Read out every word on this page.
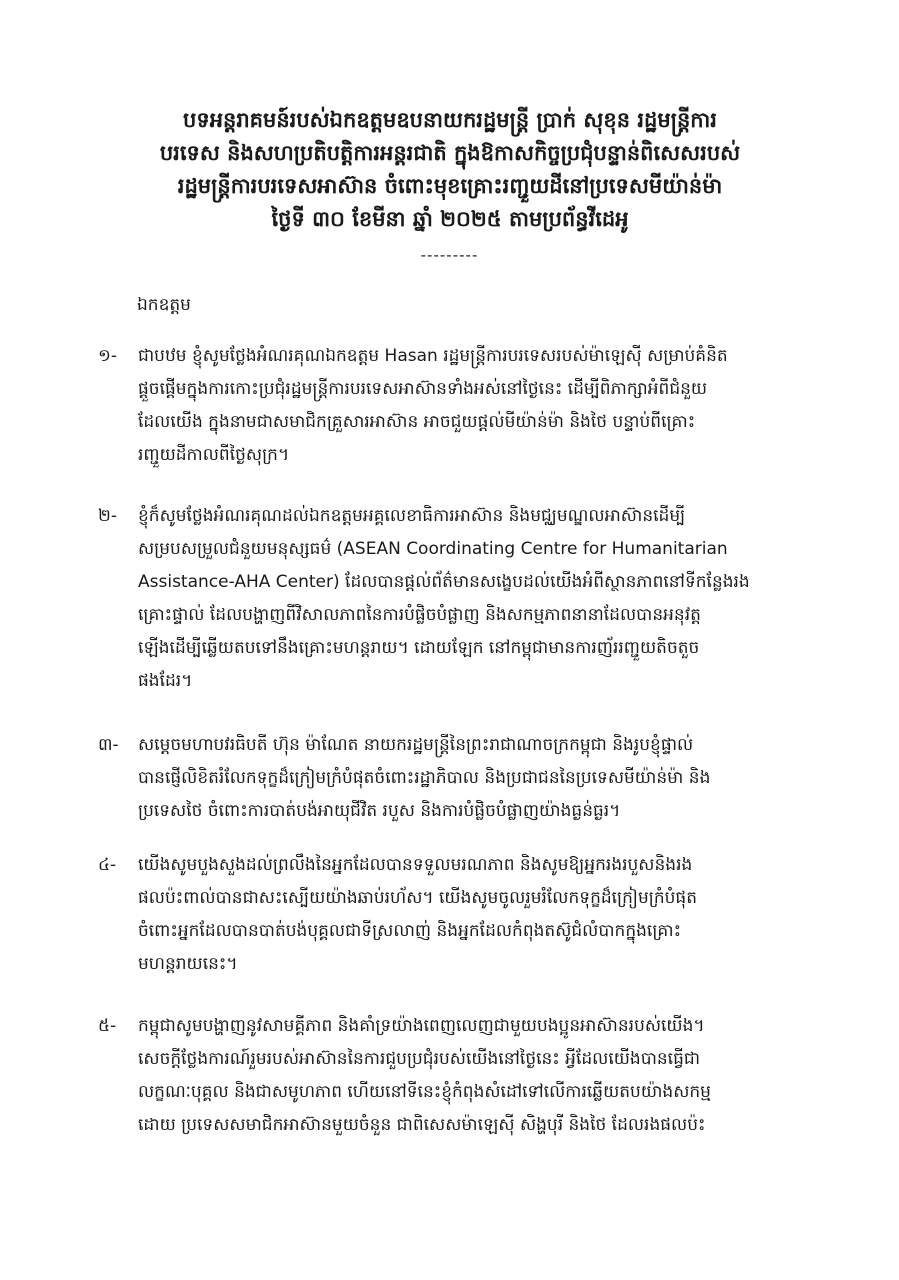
បទអន្តរាគមន៍របស់ឯកឧត្តមឧបនាយករដ្ឋមន្ត្រី ប្រាក់ សុខុន រដ្ឋមន្ត្រីការ
បរទេស និងសហប្រតិបត្តិការអន្តរជាតិ ក្នុងឱកាសកិច្ចប្រជុំបន្ទាន់ពិសេសរបស់
រដ្ឋមន្ត្រីការបរទេសអាស៊ាន ចំពោះមុខគ្រោះរញ្ជួយដីនៅប្រទេសមីយ៉ាន់ម៉ា
ថ្ងៃទី ៣០ ខែមីនា ឆ្នាំ ២០២៥ តាមប្រព័ន្ធវីដេអូ
---------
ឯកឧត្តម
១-	ជាបឋម ខ្ញុំសូមថ្លែងអំណរគុណឯកឧត្តម Hasan រដ្ឋមន្ត្រីការបរទេសរបស់ម៉ាឡេស៊ី សម្រាប់គំនិត
ផ្តួចផ្តើមក្នុងការកោះប្រជុំរដ្ឋមន្ត្រីការបរទេសអាស៊ានទាំងអស់នៅថ្ងៃនេះ ដើម្បីពិភាក្សាអំពីជំនួយ
ដែលយើង ក្នុងនាមជាសមាជិកគ្រួសារអាស៊ាន អាចជួយផ្តល់មីយ៉ាន់ម៉ា និងថៃ បន្ទាប់ពីគ្រោះ
រញ្ជួយដីកាលពីថ្ងៃសុក្រ។
២-	ខ្ញុំក៏សូមថ្លែងអំណរគុណដល់ឯកឧត្តមអគ្គលេខាធិការអាស៊ាន និងមជ្ឈមណ្ឌលអាស៊ានដើម្បី
សម្របសម្រួលជំនួយមនុស្សធម៌ (ASEAN Coordinating Centre for Humanitarian
Assistance-AHA Center) ដែលបានផ្តល់ព័ត៌មានសង្ខេបដល់យើងអំពីស្ថានភាពនៅទីកន្លែងរង
គ្រោះផ្ទាល់ ដែលបង្ហាញពីវិសាលភាពនៃការបំផ្លិចបំផ្លាញ និងសកម្មភាពនានាដែលបានអនុវត្ត
ឡើងដើម្បីឆ្លើយតបទៅនឹងគ្រោះមហន្តរាយ។ ដោយឡែក នៅកម្ពុជាមានការញ័ររញ្ជួយតិចតួច
ផងដែរ។
៣-	សម្តេចមហាបវរធិបតី ហ៊ុន ម៉ាណែត នាយករដ្ឋមន្ត្រីនៃព្រះរាជាណាចក្រកម្ពុជា និងរូបខ្ញុំផ្ទាល់
បានផ្ញើលិខិតរំលែកទុក្ខដ៏ក្រៀមក្រំបំផុតចំពោះរដ្ឋាភិបាល និងប្រជាជននៃប្រទេសមីយ៉ាន់ម៉ា និង
ប្រទេសថៃ ចំពោះការបាត់បង់អាយុជីវិត របួស និងការបំផ្លិចបំផ្លាញយ៉ាងធ្ងន់ធ្ងរ។
៤-	យើងសូមបួងសួងដល់ព្រលឹងនៃអ្នកដែលបានទទួលមរណភាព និងសូមឱ្យអ្នករងរបួសនិងរង
ផលប៉ះពាល់បានជាសះស្បើយយ៉ាងឆាប់រហ័ស។ យើងសូមចូលរួមរំលែកទុក្ខដ៏ក្រៀមក្រំបំផុត
ចំពោះអ្នកដែលបានបាត់បង់បុគ្គលជាទីស្រលាញ់ និងអ្នកដែលកំពុងតស៊ូជំលំបាកក្នុងគ្រោះ
មហន្តរាយនេះ។
៥-	កម្ពុជាសូមបង្ហាញនូវសាមគ្គីភាព និងគាំទ្រយ៉ាងពេញលេញជាមួយបងប្អូនអាស៊ានរបស់យើង។
សេចក្តីថ្លែងការណ៍រួមរបស់អាស៊ាននៃការជួបប្រជុំរបស់យើងនៅថ្ងៃនេះ អ្វីដែលយើងបានធ្វើជា
លក្ខណៈបុគ្គល និងជាសមូហភាព ហើយនៅទីនេះខ្ញុំកំពុងសំដៅទៅលើការឆ្លើយតបយ៉ាងសកម្ម
ដោយ ប្រទេសសមាជិកអាស៊ានមួយចំនួន ជាពិសេសម៉ាឡេស៊ី សិង្ហបុរី និងថៃ ដែលរងផលប៉ះ
